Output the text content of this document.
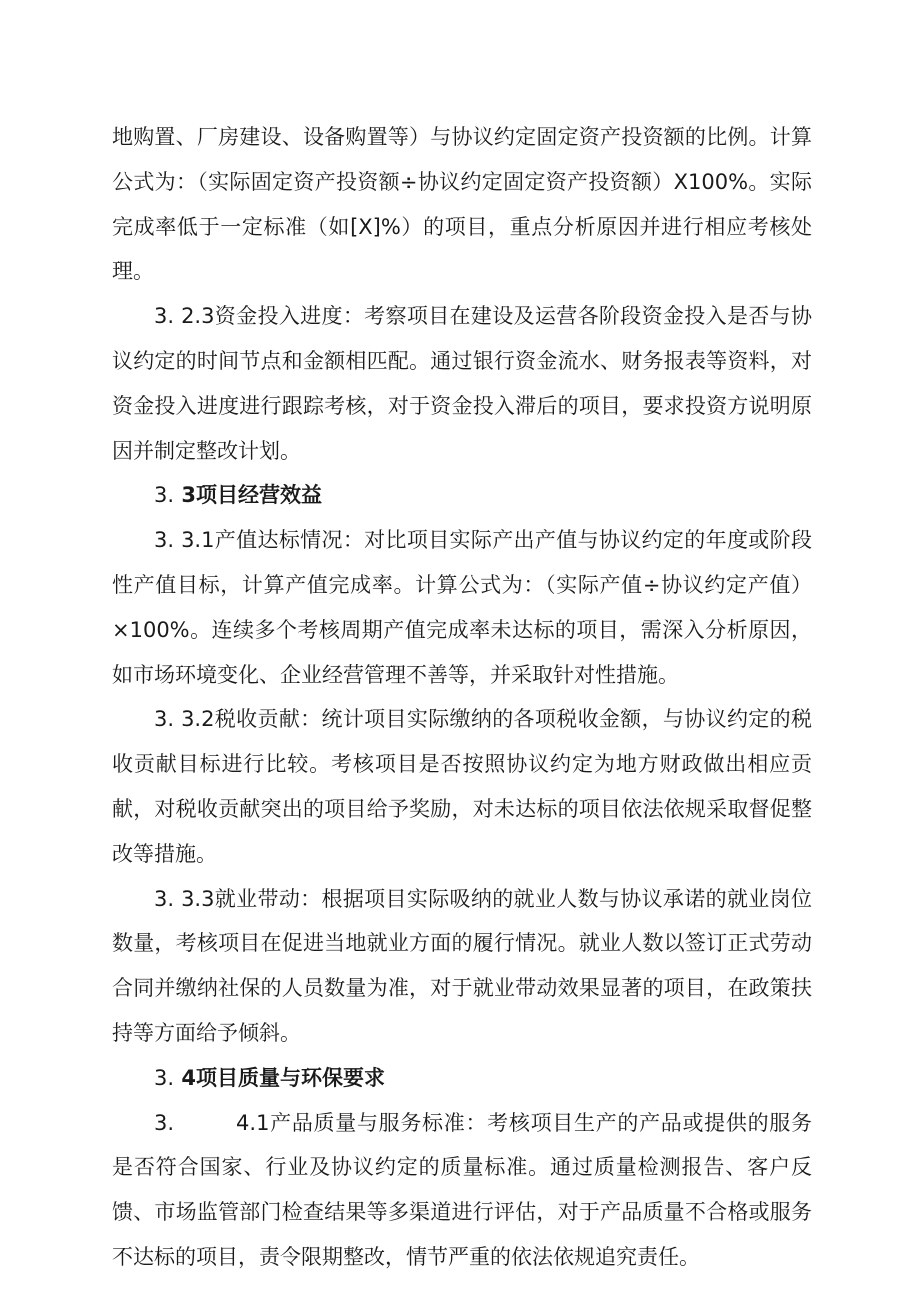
地购置、厂房建设、设备购置等）与协议约定固定资产投资额的比例。计算公式为：（实际固定资产投资额÷协议约定固定资产投资额）X100%。实际完成率低于一定标准（如[X]%）的项目，重点分析原因并进行相应考核处理。

3. 2.3资金投入进度：考察项目在建设及运营各阶段资金投入是否与协议约定的时间节点和金额相匹配。通过银行资金流水、财务报表等资料，对资金投入进度进行跟踪考核，对于资金投入滞后的项目，要求投资方说明原因并制定整改计划。

3. 3项目经营效益

3. 3.1产值达标情况：对比项目实际产出产值与协议约定的年度或阶段性产值目标，计算产值完成率。计算公式为：（实际产值÷协议约定产值）×100%。连续多个考核周期产值完成率未达标的项目，需深入分析原因，如市场环境变化、企业经营管理不善等，并采取针对性措施。

3. 3.2税收贡献：统计项目实际缴纳的各项税收金额，与协议约定的税收贡献目标进行比较。考核项目是否按照协议约定为地方财政做出相应贡献，对税收贡献突出的项目给予奖励，对未达标的项目依法依规采取督促整改等措施。

3. 3.3就业带动：根据项目实际吸纳的就业人数与协议承诺的就业岗位数量，考核项目在促进当地就业方面的履行情况。就业人数以签订正式劳动合同并缴纳社保的人员数量为准，对于就业带动效果显著的项目，在政策扶持等方面给予倾斜。

3. 4项目质量与环保要求

3.	4.1产品质量与服务标准：考核项目生产的产品或提供的服务是否符合国家、行业及协议约定的质量标准。通过质量检测报告、客户反馈、市场监管部门检查结果等多渠道进行评估，对于产品质量不合格或服务不达标的项目，责令限期整改，情节严重的依法依规追究责任。
